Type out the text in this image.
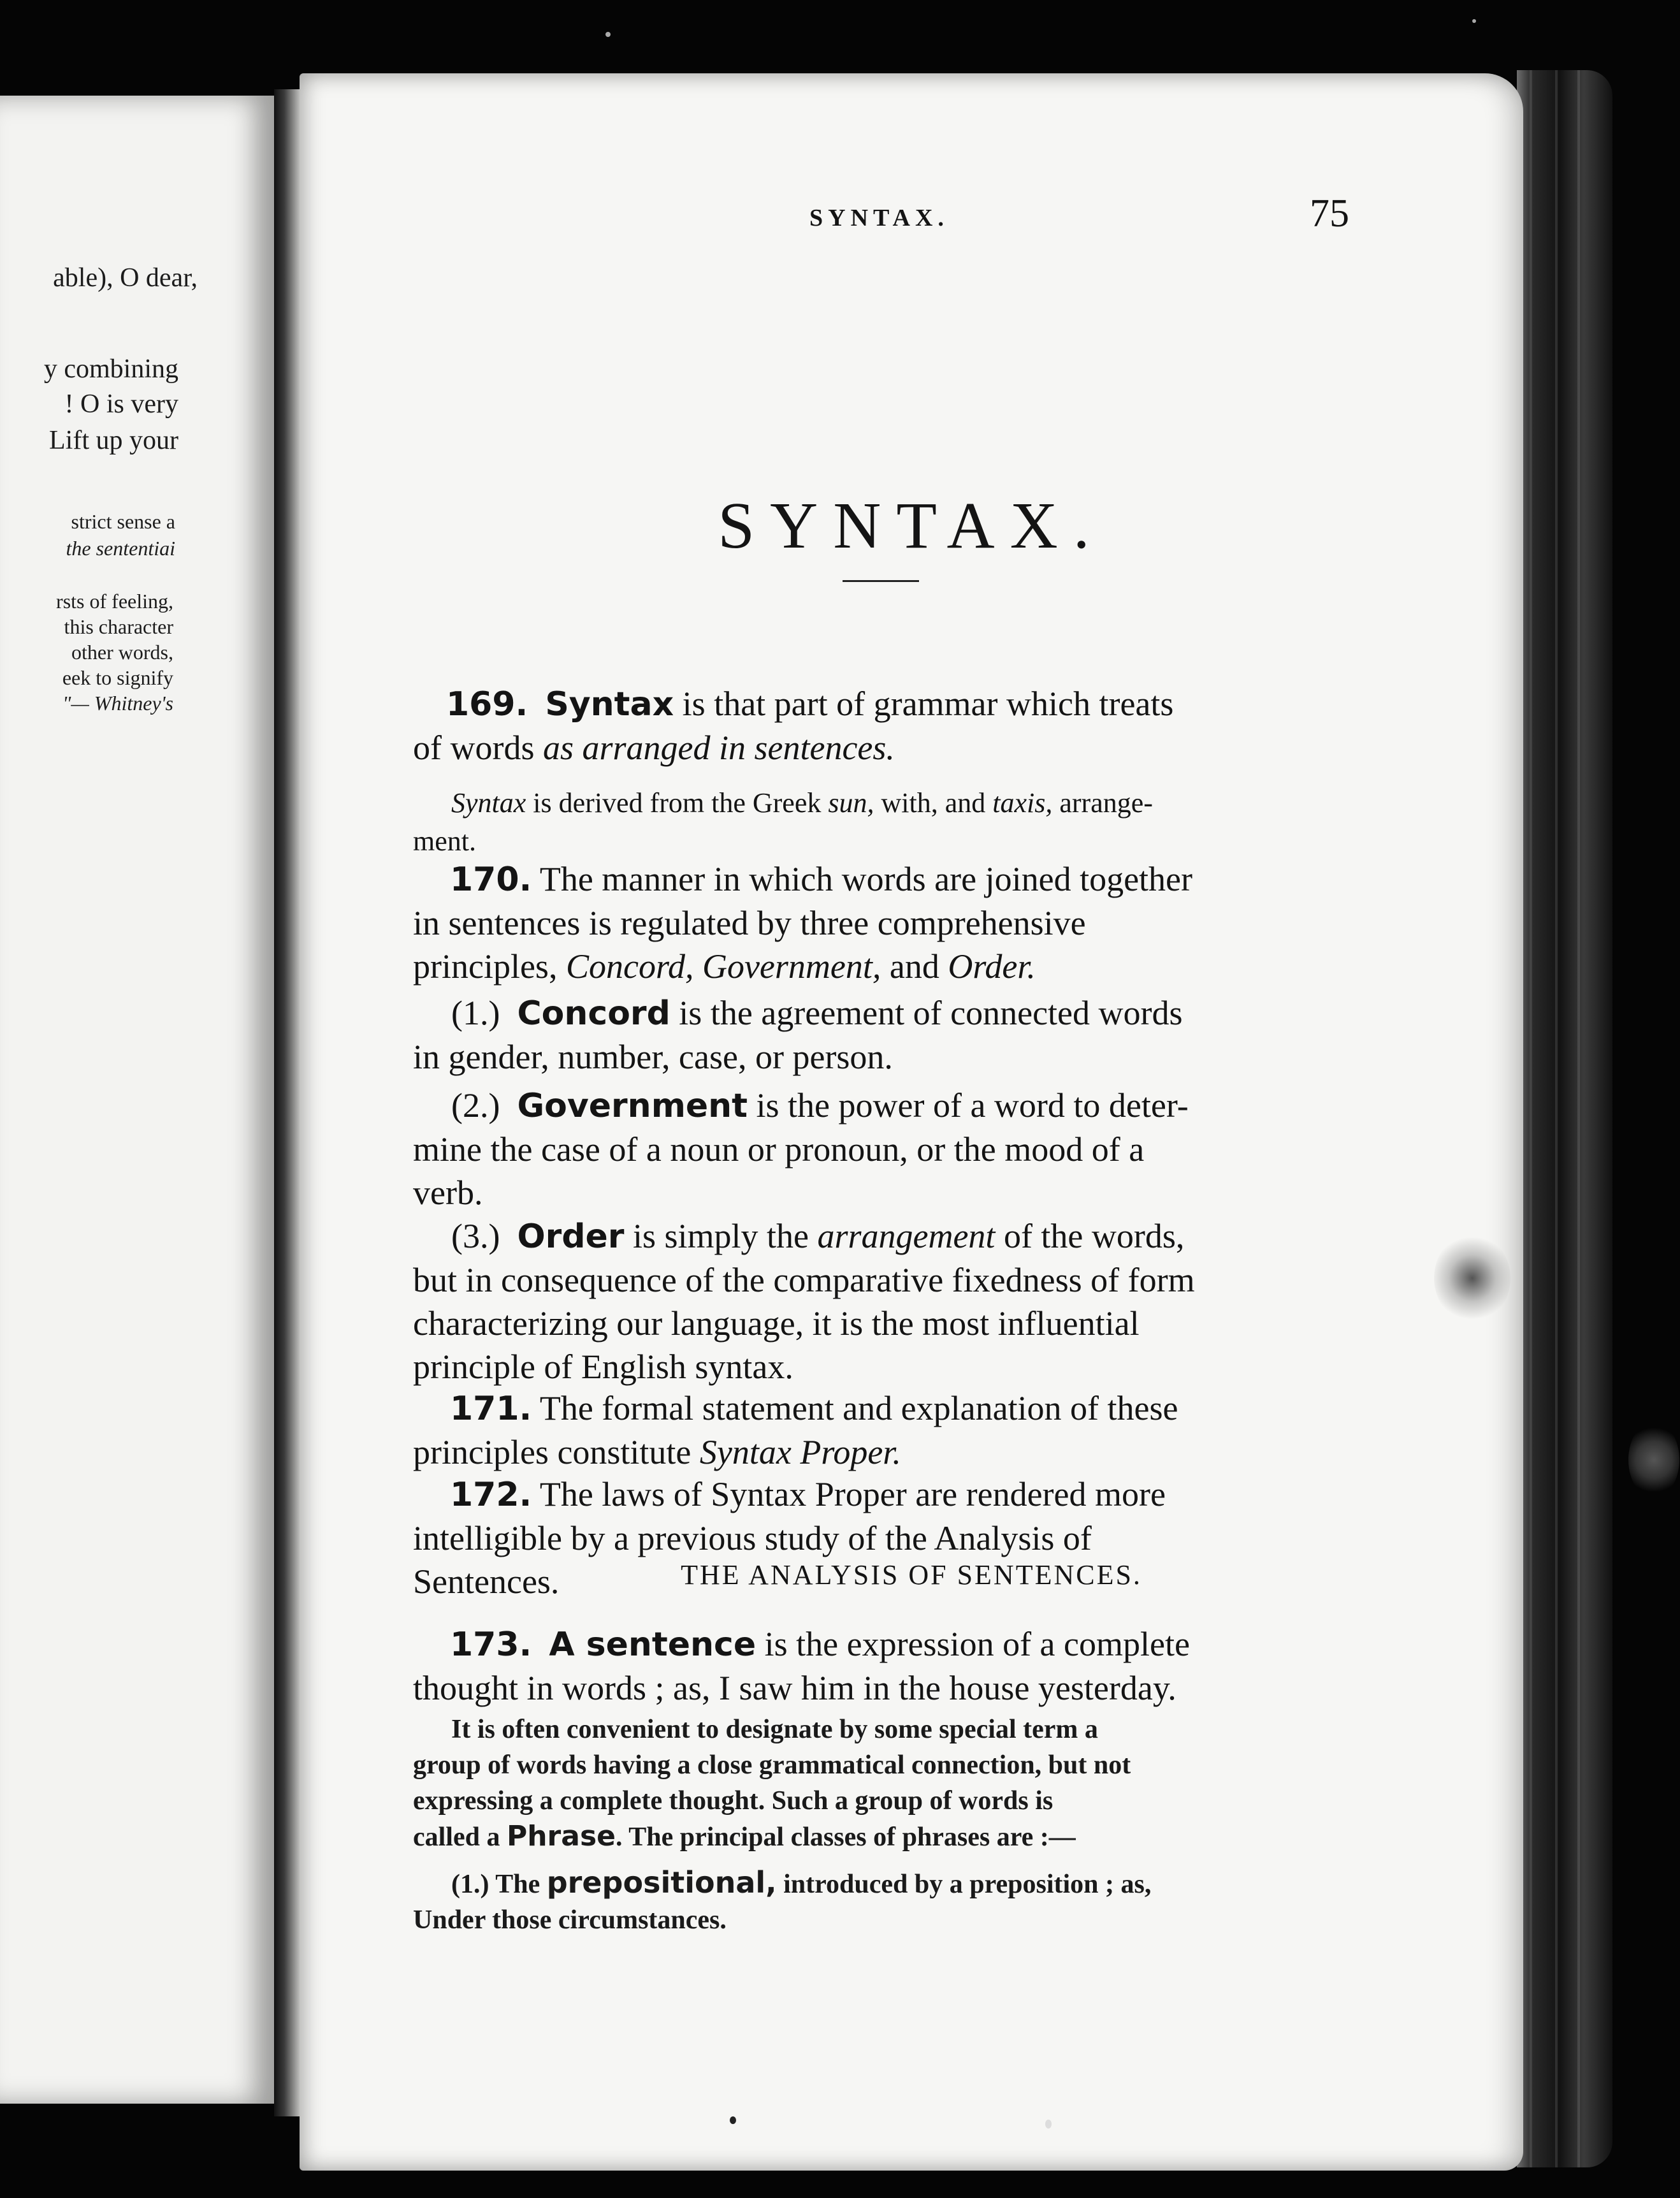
able), O dear,
y combining
! O is very
Lift up your
strict sense a
the sententiai
rsts of feeling,
this character
other words,
eek to signify
"— Whitney's
SYNTAX.	75
SYNTAX.
169. Syntax is that part of grammar which treats
of words as arranged in sentences.
Syntax is derived from the Greek sun, with, and taxis, arrange-
ment.
170. The manner in which words are joined together
in sentences is regulated by three comprehensive
principles, Concord, Government, and Order.
(1.) Concord is the agreement of connected words
in gender, number, case, or person.
(2.) Government is the power of a word to deter-
mine the case of a noun or pronoun, or the mood of a
verb.
(3.) Order is simply the arrangement of the words,
but in consequence of the comparative fixedness of form
characterizing our language, it is the most influential
principle of English syntax.
171. The formal statement and explanation of these
principles constitute Syntax Proper.
172. The laws of Syntax Proper are rendered more
intelligible by a previous study of the Analysis of
Sentences.	THE ANALYSIS OF SENTENCES.
173. A sentence is the expression of a complete
thought in words ; as, I saw him in the house yesterday.
It is often convenient to designate by some special term a
group of words having a close grammatical connection, but not
expressing a complete thought. Such a group of words is
called a Phrase. The principal classes of phrases are :—
(1.) The prepositional, introduced by a preposition ; as,
Under those circumstances.
